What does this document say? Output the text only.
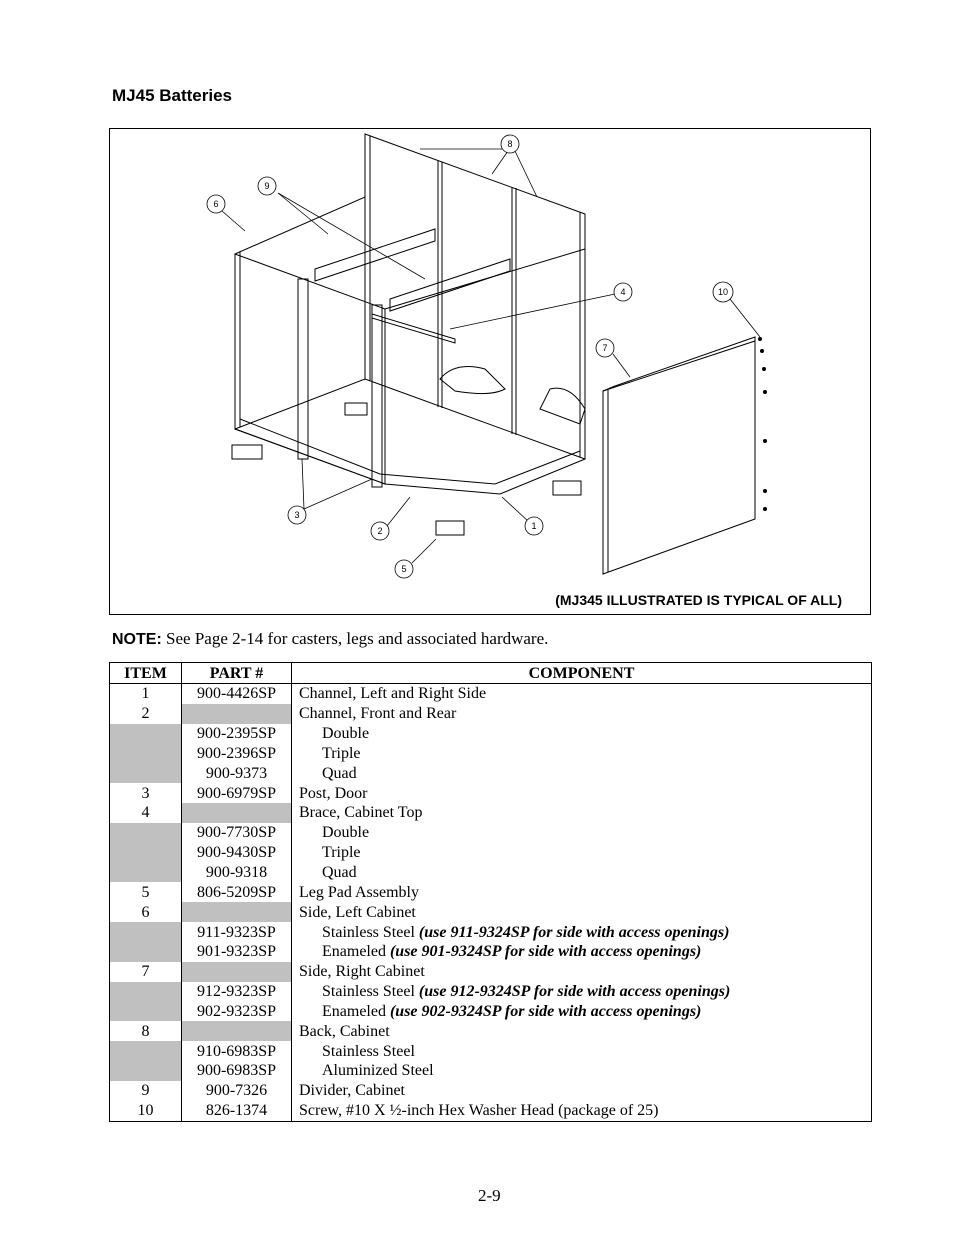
MJ45 Batteries
8
9
6
4	10
7
3
2	1
5
(MJ345 ILLUSTRATED IS TYPICAL OF ALL)
NOTE: See Page 2-14 for casters, legs and associated hardware.
ITEM	PART #	COMPONENT
1	900-4426SP	Channel, Left and Right Side
2		Channel, Front and Rear
	900-2395SP	Double
	900-2396SP	Triple
	900-9373	Quad
3	900-6979SP	Post, Door
4		Brace, Cabinet Top
	900-7730SP	Double
	900-9430SP	Triple
	900-9318	Quad
5	806-5209SP	Leg Pad Assembly
6		Side, Left Cabinet
	911-9323SP	Stainless Steel (use 911-9324SP for side with access openings)
	901-9323SP	Enameled (use 901-9324SP for side with access openings)
7		Side, Right Cabinet
	912-9323SP	Stainless Steel (use 912-9324SP for side with access openings)
	902-9323SP	Enameled (use 902-9324SP for side with access openings)
8		Back, Cabinet
	910-6983SP	Stainless Steel
	900-6983SP	Aluminized Steel
9	900-7326	Divider, Cabinet
10	826-1374	Screw, #10 X ½-inch Hex Washer Head (package of 25)
2-9
